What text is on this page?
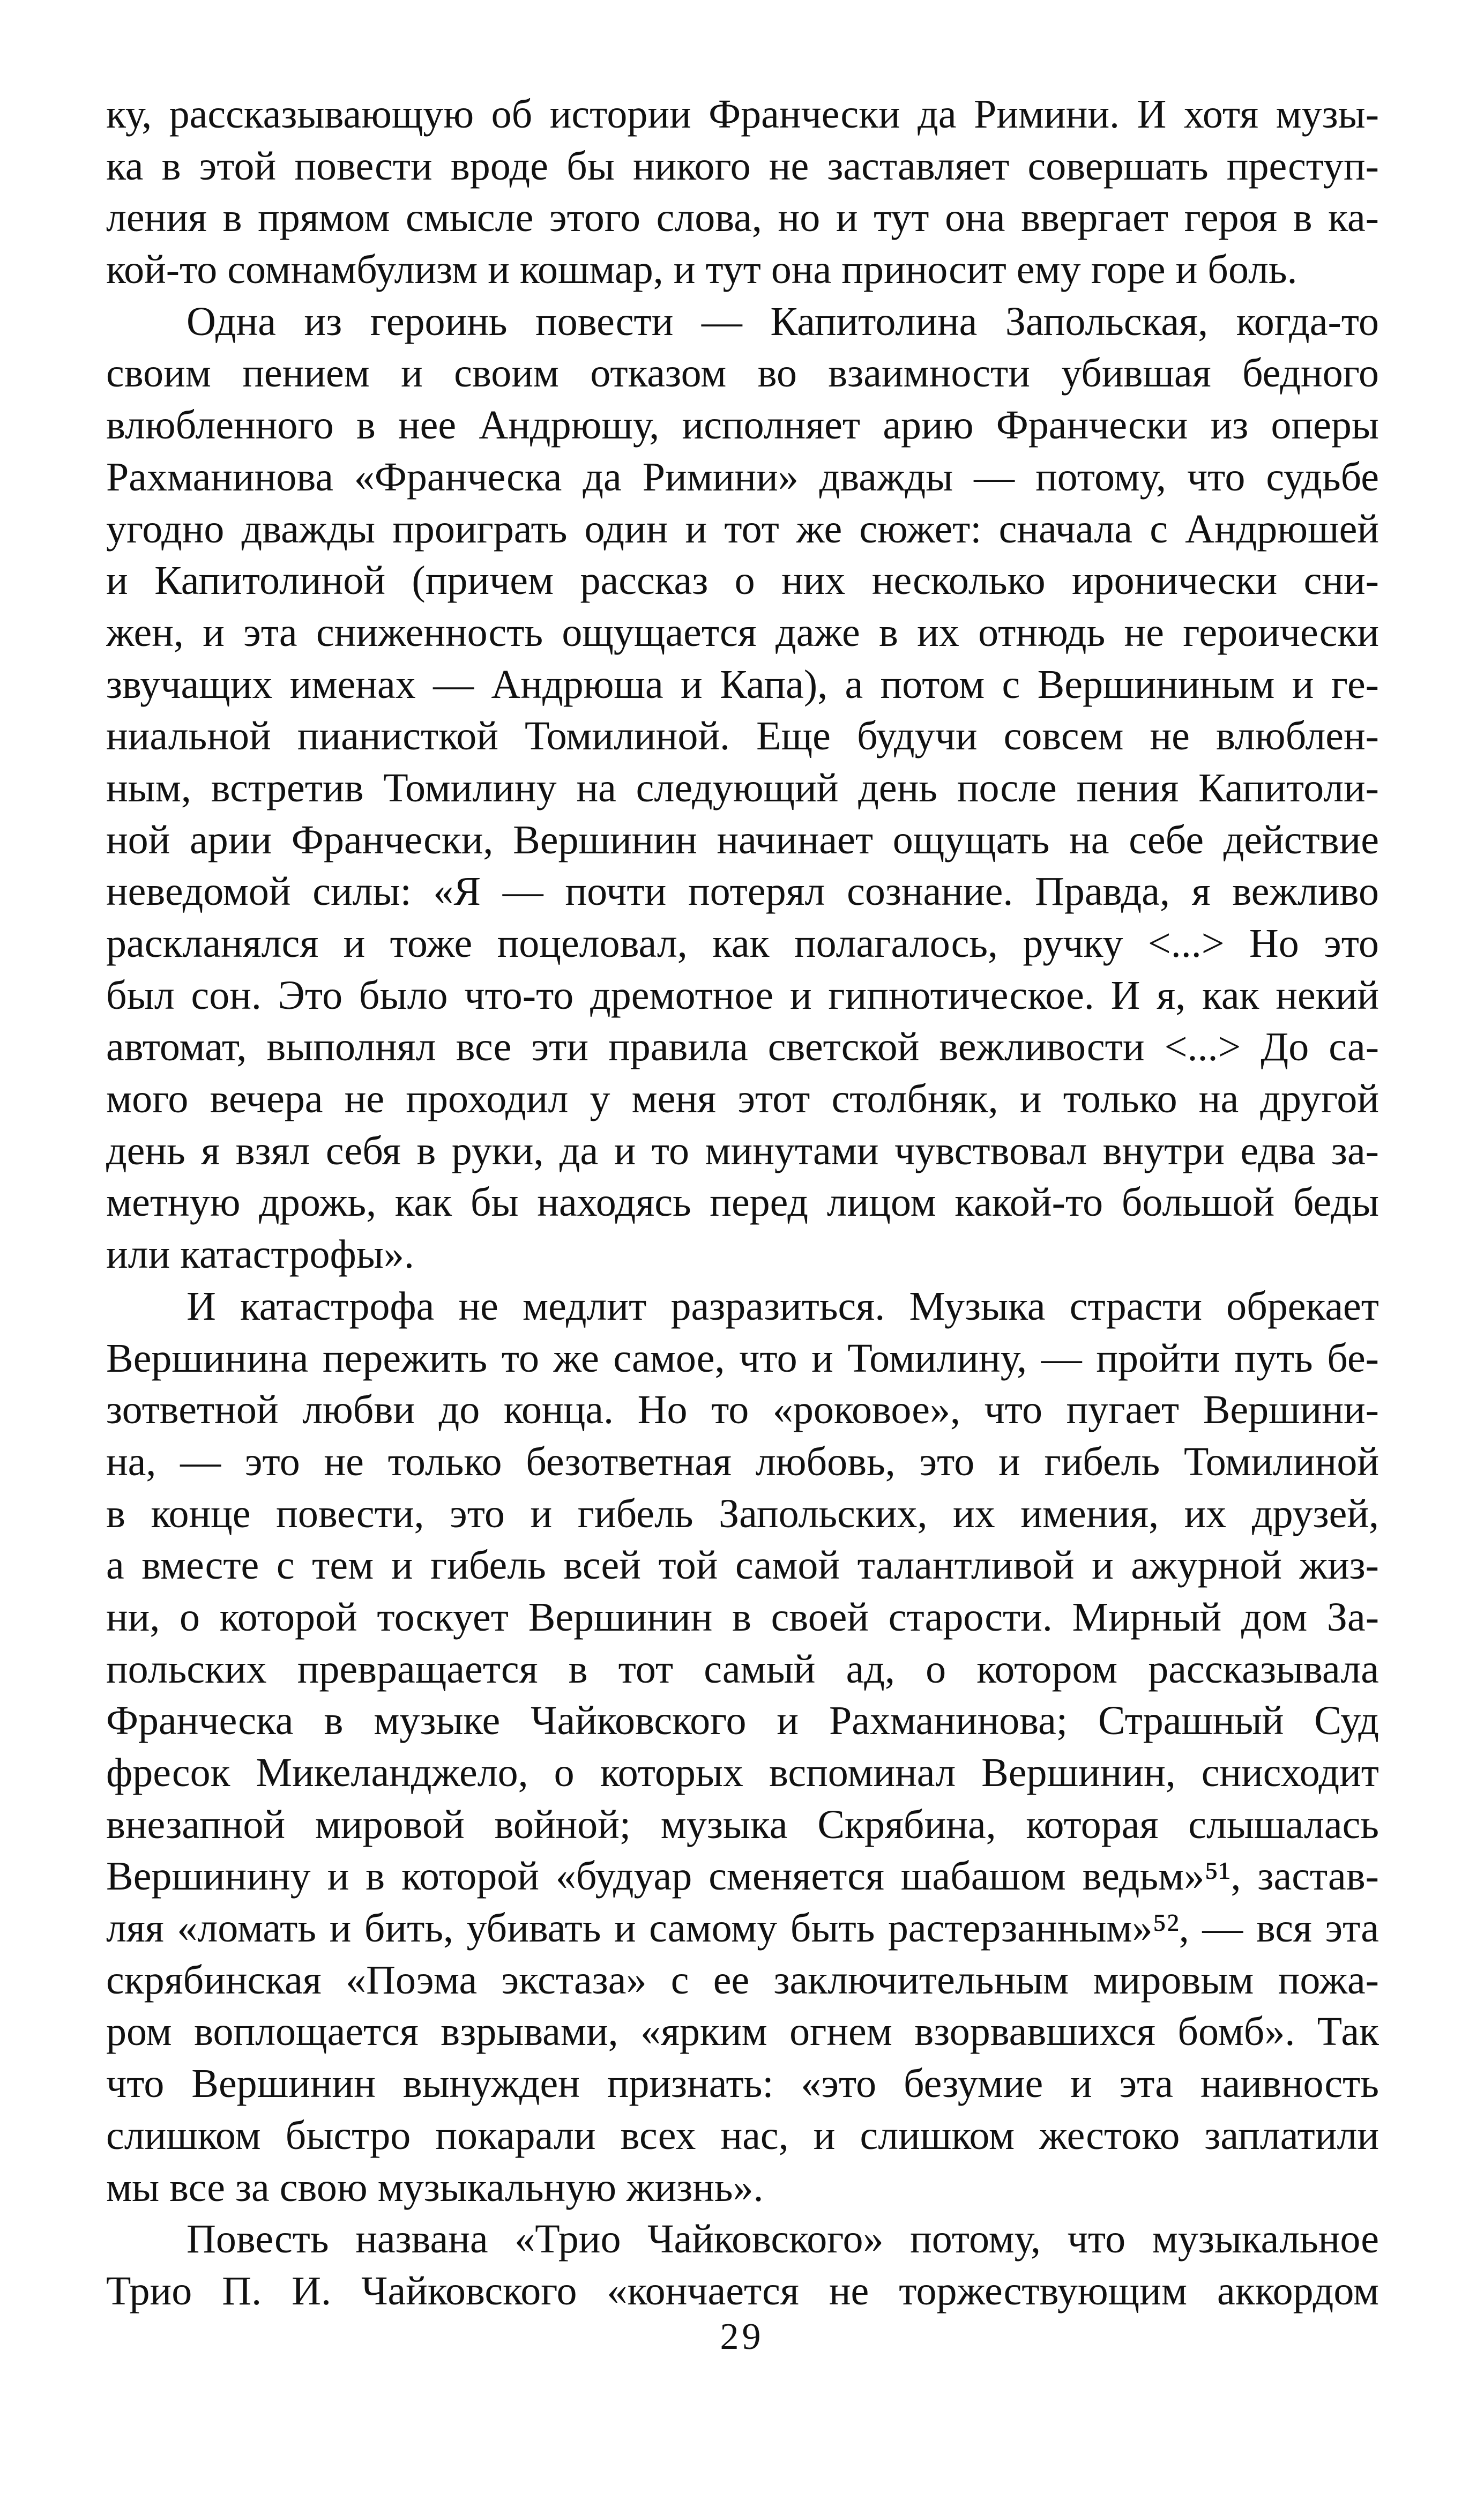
ку, рассказывающую об истории Франчески да Римини. И хотя музы-
ка в этой повести вроде бы никого не заставляет совершать преступ-
ления в прямом смысле этого слова, но и тут она ввергает героя в ка-
кой-то сомнамбулизм и кошмар, и тут она приносит ему горе и боль.
Одна из героинь повести — Капитолина Запольская, когда-то
своим пением и своим отказом во взаимности убившая бедного
влюбленного в нее Андрюшу, исполняет арию Франчески из оперы
Рахманинова «Франческа да Римини» дважды — потому, что судьбе
угодно дважды проиграть один и тот же сюжет: сначала с Андрюшей
и Капитолиной (причем рассказ о них несколько иронически сни-
жен, и эта сниженность ощущается даже в их отнюдь не героически
звучащих именах — Андрюша и Капа), а потом с Вершининым и ге-
ниальной пианисткой Томилиной. Еще будучи совсем не влюблен-
ным, встретив Томилину на следующий день после пения Капитоли-
ной арии Франчески, Вершинин начинает ощущать на себе действие
неведомой силы: «Я — почти потерял сознание. Правда, я вежливо
раскланялся и тоже поцеловал, как полагалось, ручку <...> Но это
был сон. Это было что-то дремотное и гипнотическое. И я, как некий
автомат, выполнял все эти правила светской вежливости <...> До са-
мого вечера не проходил у меня этот столбняк, и только на другой
день я взял себя в руки, да и то минутами чувствовал внутри едва за-
метную дрожь, как бы находясь перед лицом какой-то большой беды
или катастрофы».
И катастрофа не медлит разразиться. Музыка страсти обрекает
Вершинина пережить то же самое, что и Томилину, — пройти путь бе-
зответной любви до конца. Но то «роковое», что пугает Вершини-
на, — это не только безответная любовь, это и гибель Томилиной
в конце повести, это и гибель Запольских, их имения, их друзей,
а вместе с тем и гибель всей той самой талантливой и ажурной жиз-
ни, о которой тоскует Вершинин в своей старости. Мирный дом За-
польских превращается в тот самый ад, о котором рассказывала
Франческа в музыке Чайковского и Рахманинова; Страшный Суд
фресок Микеланджело, о которых вспоминал Вершинин, снисходит
внезапной мировой войной; музыка Скрябина, которая слышалась
Вершинину и в которой «будуар сменяется шабашом ведьм»⁵¹, застав-
ляя «ломать и бить, убивать и самому быть растерзанным»⁵², — вся эта
скрябинская «Поэма экстаза» с ее заключительным мировым пожа-
ром воплощается взрывами, «ярким огнем взорвавшихся бомб». Так
что Вершинин вынужден признать: «это безумие и эта наивность
слишком быстро покарали всех нас, и слишком жестоко заплатили
мы все за свою музыкальную жизнь».
Повесть названа «Трио Чайковского» потому, что музыкальное
Трио П. И. Чайковского «кончается не торжествующим аккордом
29
